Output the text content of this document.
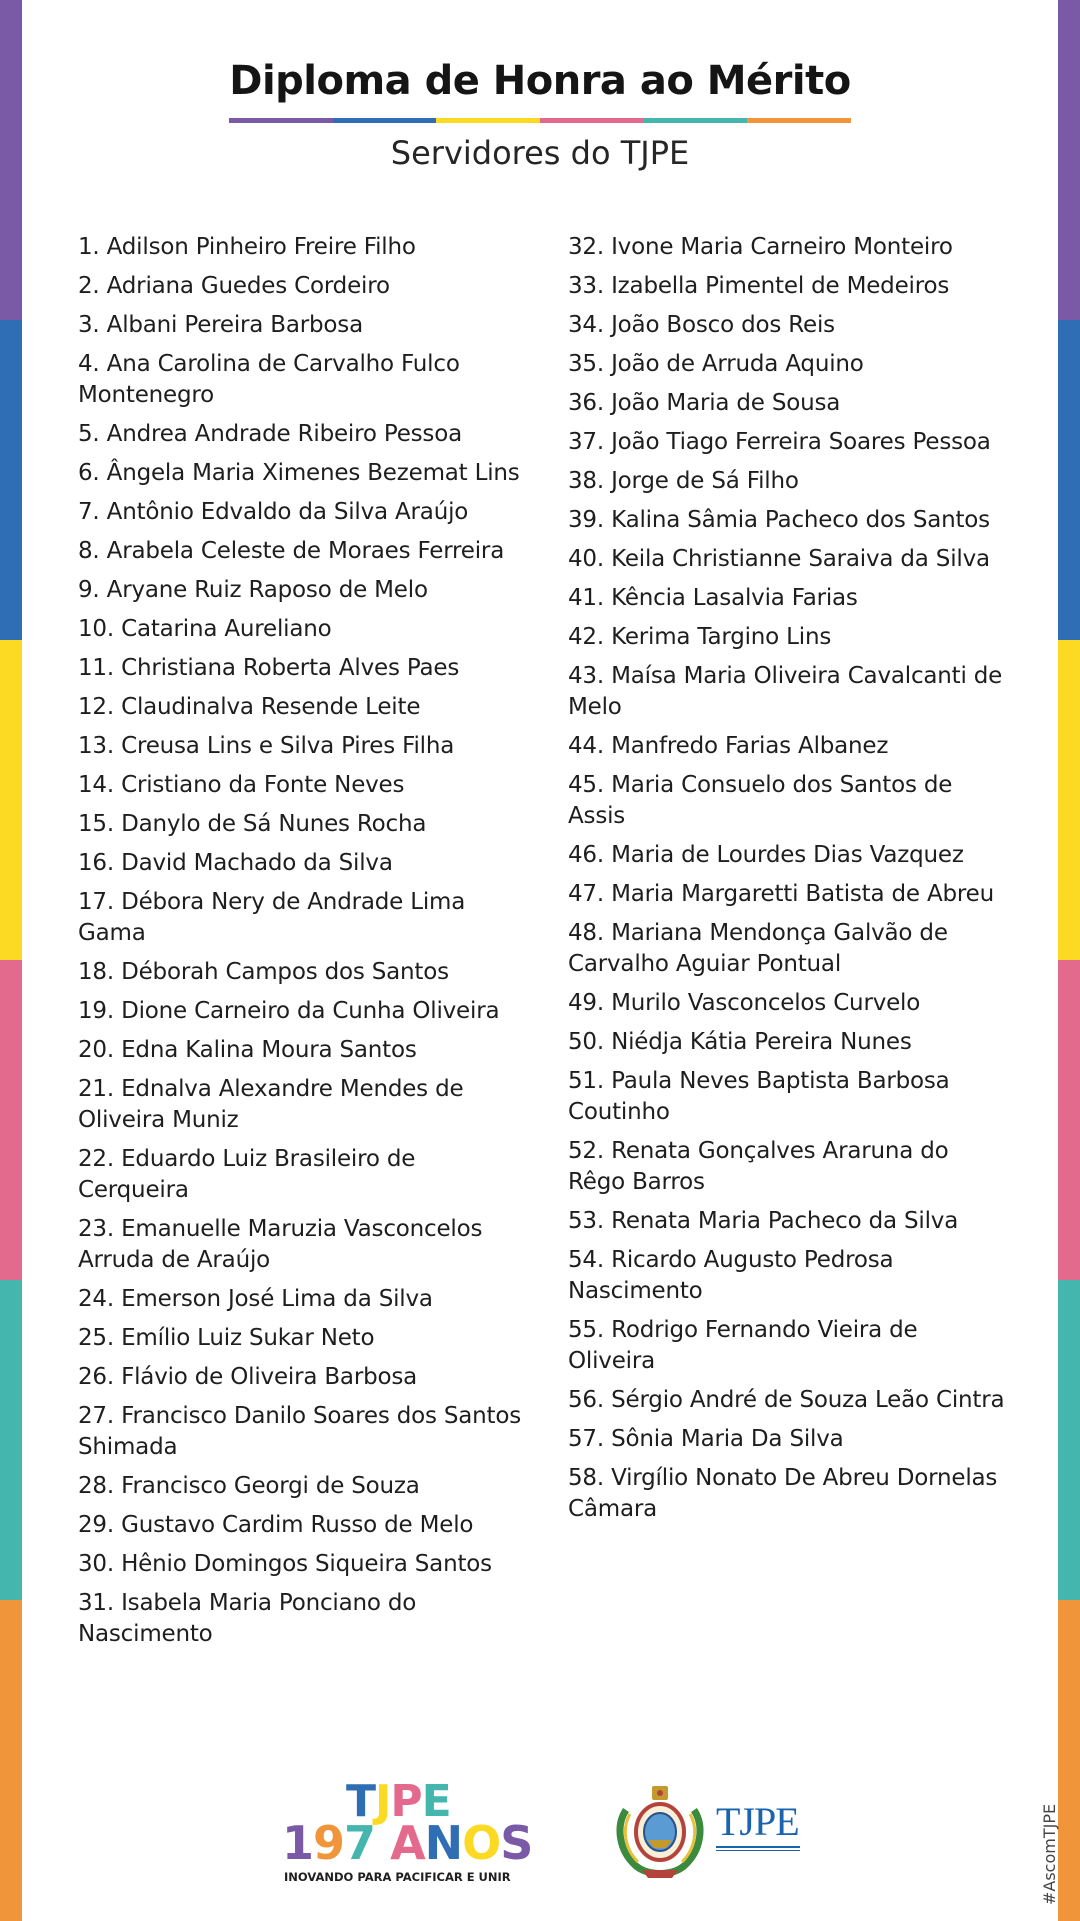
Diploma de Honra ao Mérito
Servidores do TJPE
1. Adilson Pinheiro Freire Filho
2. Adriana Guedes Cordeiro
3. Albani Pereira Barbosa
4. Ana Carolina de Carvalho Fulco Montenegro
5. Andrea Andrade Ribeiro Pessoa
6. Ângela Maria Ximenes Bezemat Lins
7. Antônio Edvaldo da Silva Araújo
8. Arabela Celeste de Moraes Ferreira
9. Aryane Ruiz Raposo de Melo
10. Catarina Aureliano
11. Christiana Roberta Alves Paes
12. Claudinalva Resende Leite
13. Creusa Lins e Silva Pires Filha
14. Cristiano da Fonte Neves
15. Danylo de Sá Nunes Rocha
16. David Machado da Silva
17. Débora Nery de Andrade Lima Gama
18. Déborah Campos dos Santos
19. Dione Carneiro da Cunha Oliveira
20. Edna Kalina Moura Santos
21. Ednalva Alexandre Mendes de Oliveira Muniz
22. Eduardo Luiz Brasileiro de Cerqueira
23. Emanuelle Maruzia Vasconcelos Arruda de Araújo
24. Emerson José Lima da Silva
25. Emílio Luiz Sukar Neto
26. Flávio de Oliveira Barbosa
27. Francisco Danilo Soares dos Santos Shimada
28. Francisco Georgi de Souza
29. Gustavo Cardim Russo de Melo
30. Hênio Domingos Siqueira Santos
31. Isabela Maria Ponciano do Nascimento
32. Ivone Maria Carneiro Monteiro
33. Izabella Pimentel de Medeiros
34. João Bosco dos Reis
35. João de Arruda Aquino
36. João Maria de Sousa
37. João Tiago Ferreira Soares Pessoa
38. Jorge de Sá Filho
39. Kalina Sâmia Pacheco dos Santos
40. Keila Christianne Saraiva da Silva
41. Kência Lasalvia Farias
42. Kerima Targino Lins
43. Maísa Maria Oliveira Cavalcanti de Melo
44. Manfredo Farias Albanez
45. Maria Consuelo dos Santos de Assis
46. Maria de Lourdes Dias Vazquez
47. Maria Margaretti Batista de Abreu
48. Mariana Mendonça Galvão de Carvalho Aguiar Pontual
49. Murilo Vasconcelos Curvelo
50. Niédja Kátia Pereira Nunes
51. Paula Neves Baptista Barbosa Coutinho
52. Renata Gonçalves Araruna do Rêgo Barros
53. Renata Maria Pacheco da Silva
54. Ricardo Augusto Pedrosa Nascimento
55. Rodrigo Fernando Vieira de Oliveira
56. Sérgio André de Souza Leão Cintra
57. Sônia Maria Da Silva
58. Virgílio Nonato De Abreu Dornelas Câmara
TJPE
197 ANOS
INOVANDO PARA PACIFICAR E UNIR
TJPE	#AscomTJPE
